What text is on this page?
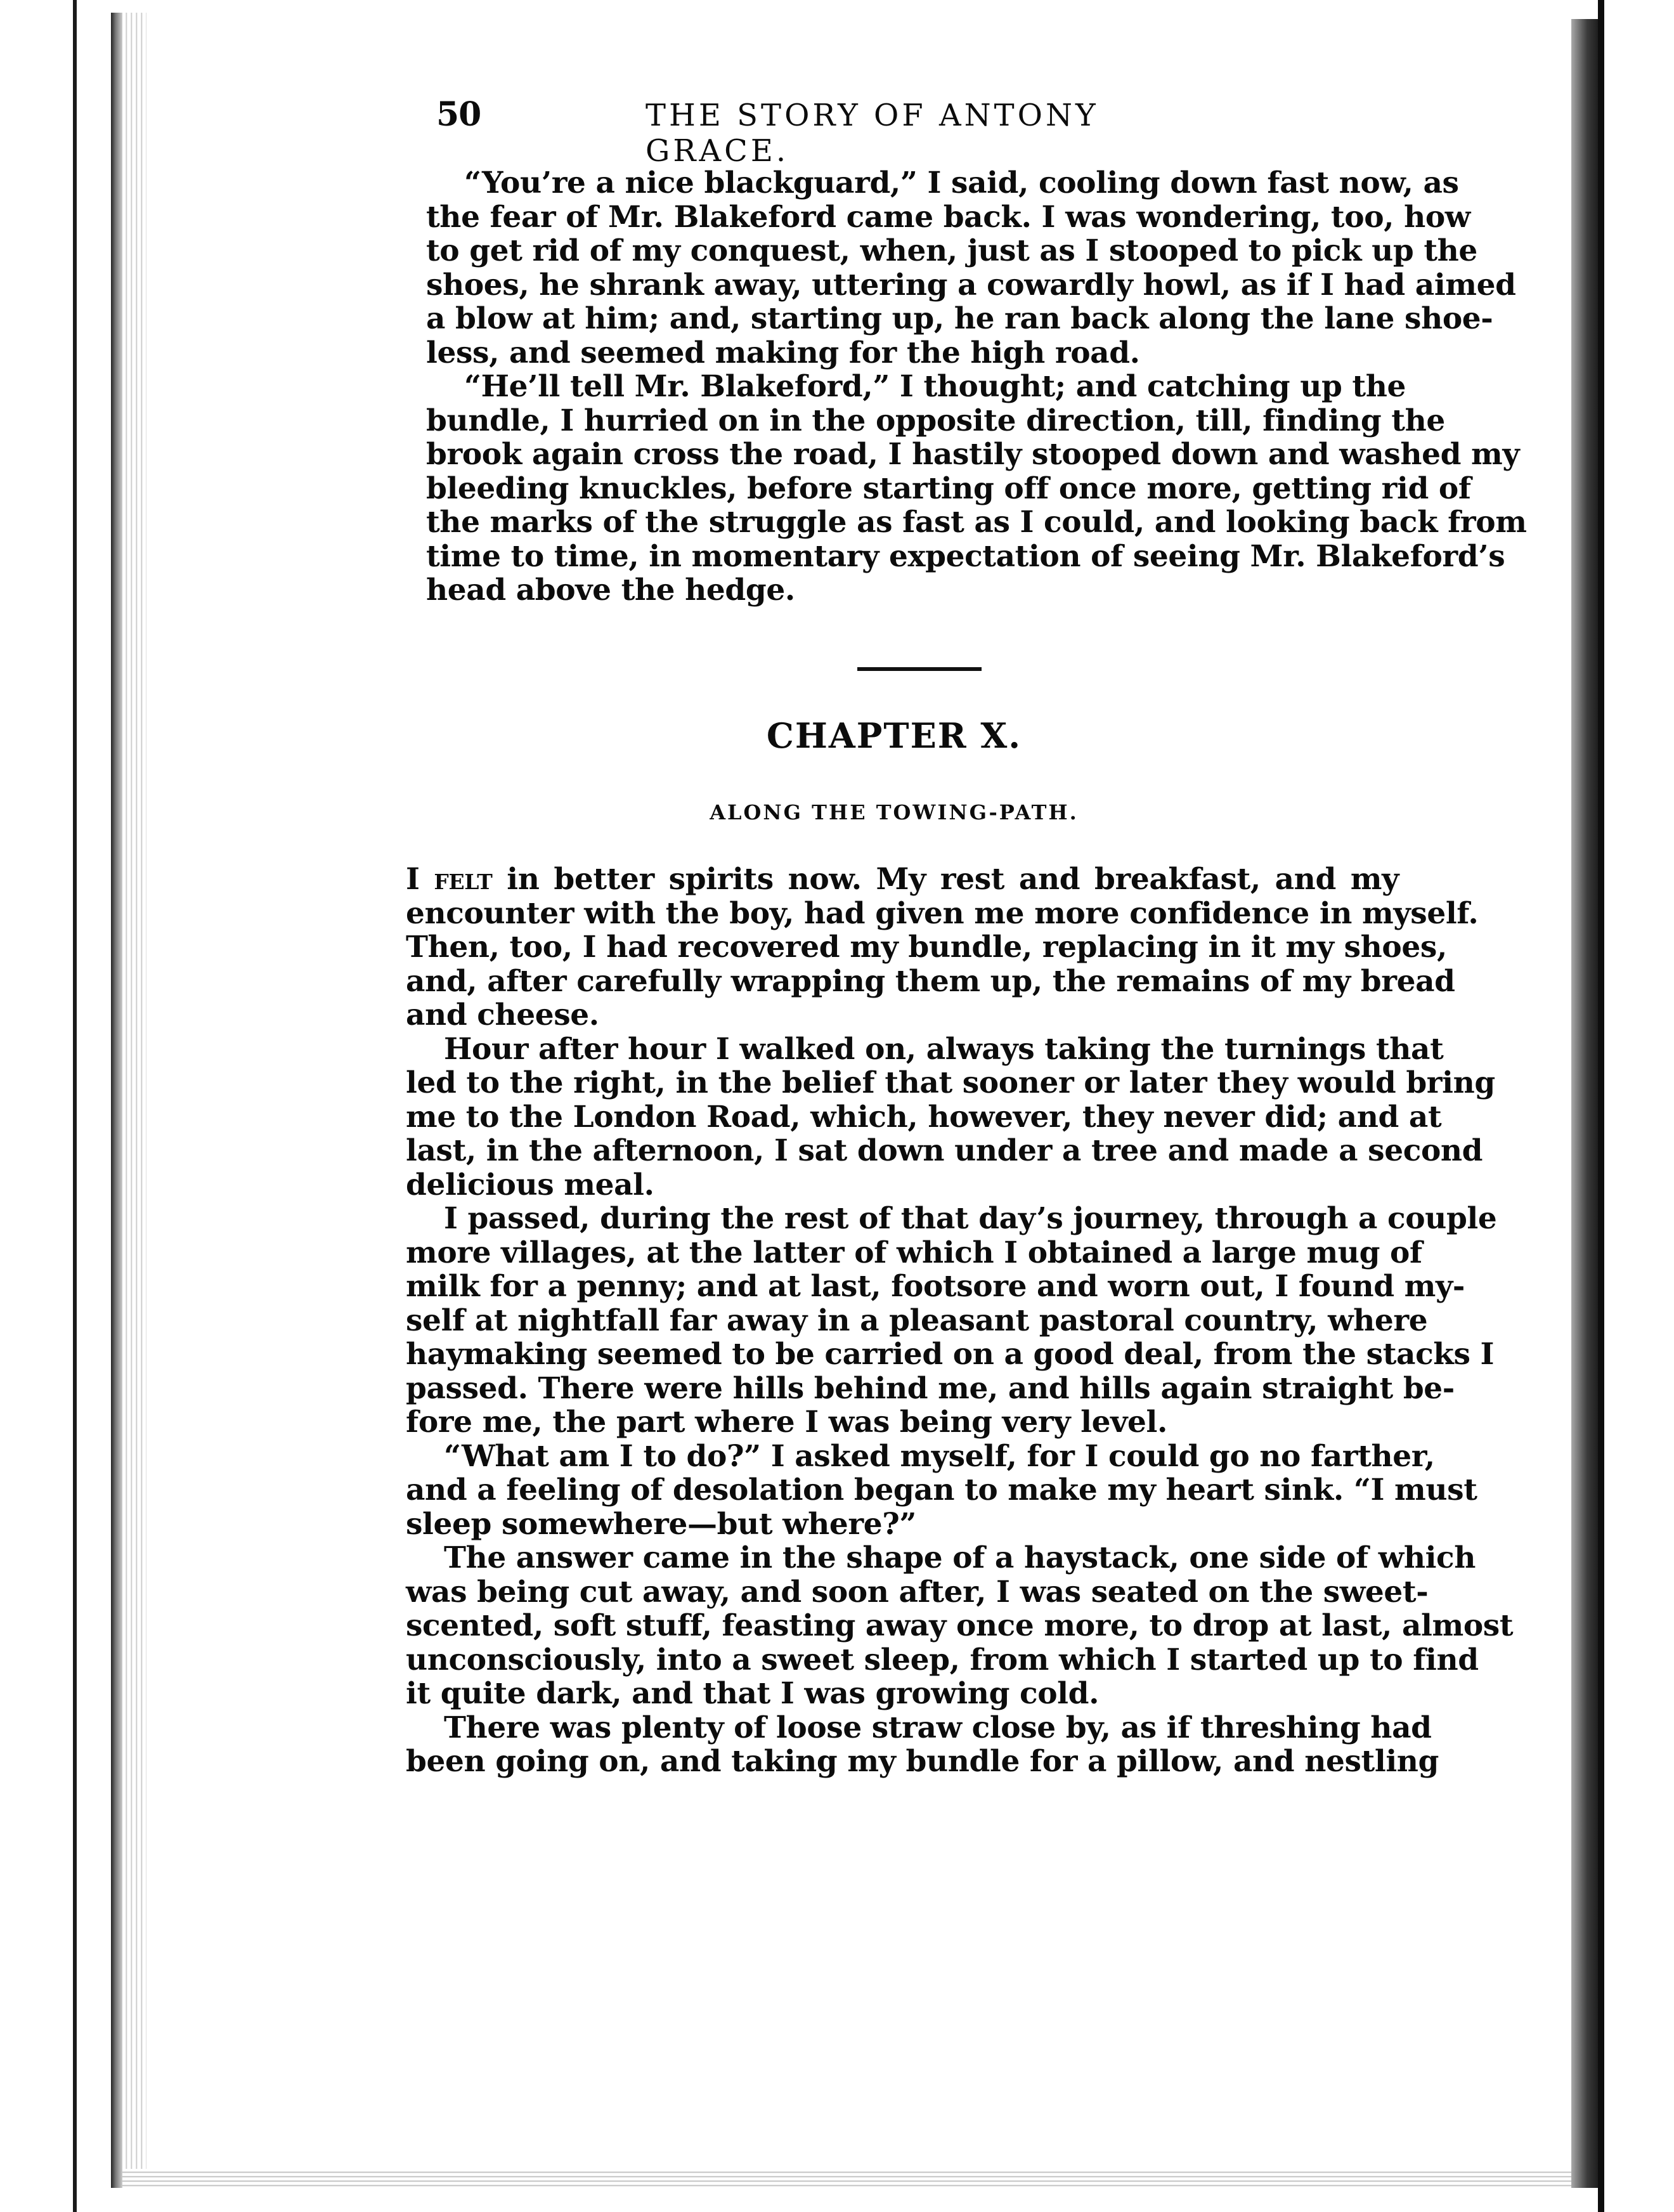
50	THE STORY OF ANTONY GRACE.
“You’re a nice blackguard,” I said, cooling down fast now, as
the fear of Mr. Blakeford came back. I was wondering, too, how
to get rid of my conquest, when, just as I stooped to pick up the
shoes, he shrank away, uttering a cowardly howl, as if I had aimed
a blow at him; and, starting up, he ran back along the lane shoe-
less, and seemed making for the high road.
“He’ll tell Mr. Blakeford,” I thought; and catching up the
bundle, I hurried on in the opposite direction, till, finding the
brook again cross the road, I hastily stooped down and washed my
bleeding knuckles, before starting off once more, getting rid of
the marks of the struggle as fast as I could, and looking back from
time to time, in momentary expectation of seeing Mr. Blakeford’s
head above the hedge.
CHAPTER X.
ALONG THE TOWING-PATH.
I felt in better spirits now. My rest and breakfast, and my
encounter with the boy, had given me more confidence in myself.
Then, too, I had recovered my bundle, replacing in it my shoes,
and, after carefully wrapping them up, the remains of my bread
and cheese.
Hour after hour I walked on, always taking the turnings that
led to the right, in the belief that sooner or later they would bring
me to the London Road, which, however, they never did; and at
last, in the afternoon, I sat down under a tree and made a second
delicious meal.
I passed, during the rest of that day’s journey, through a couple
more villages, at the latter of which I obtained a large mug of
milk for a penny; and at last, footsore and worn out, I found my-
self at nightfall far away in a pleasant pastoral country, where
haymaking seemed to be carried on a good deal, from the stacks I
passed. There were hills behind me, and hills again straight be-
fore me, the part where I was being very level.
“What am I to do?” I asked myself, for I could go no farther,
and a feeling of desolation began to make my heart sink. “I must
sleep somewhere—but where?”
The answer came in the shape of a haystack, one side of which
was being cut away, and soon after, I was seated on the sweet-
scented, soft stuff, feasting away once more, to drop at last, almost
unconsciously, into a sweet sleep, from which I started up to find
it quite dark, and that I was growing cold.
There was plenty of loose straw close by, as if threshing had
been going on, and taking my bundle for a pillow, and nestling
